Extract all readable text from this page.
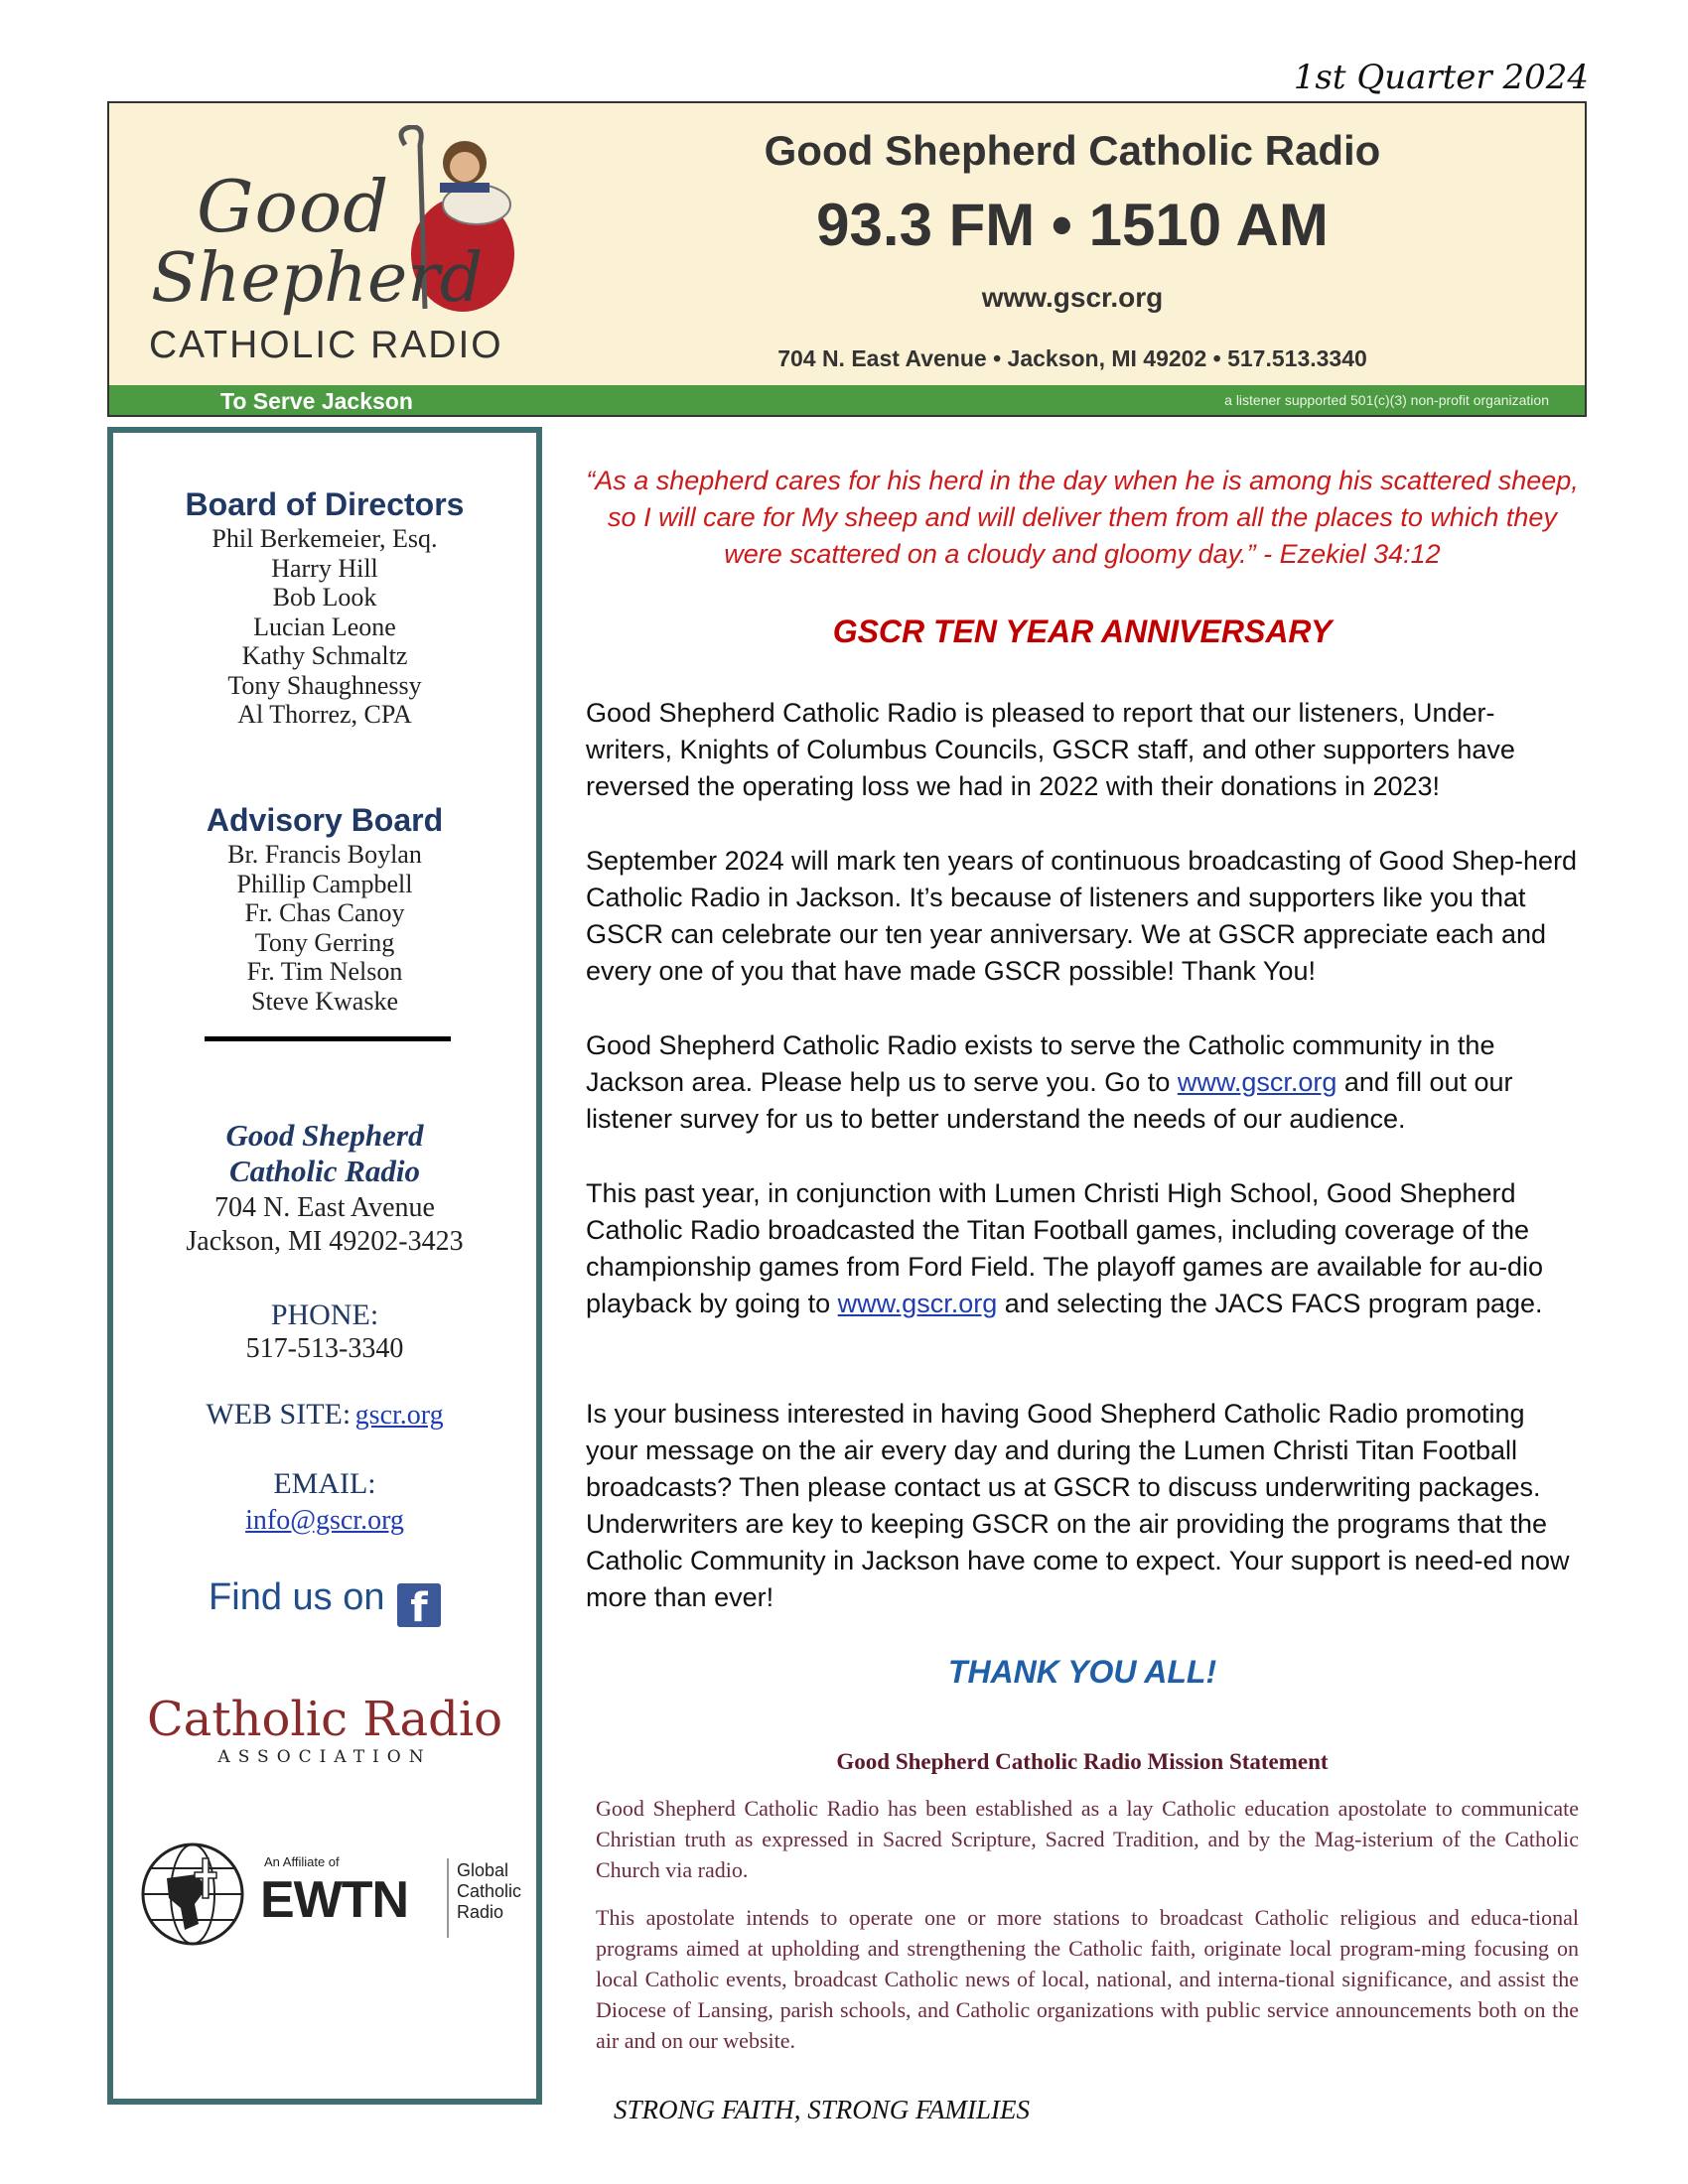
1st Quarter 2024
Good
Shepherd
CATHOLIC RADIO
Good Shepherd Catholic Radio
93.3 FM • 1510 AM
www.gscr.org
704 N. East Avenue • Jackson, MI 49202 • 517.513.3340
To Serve Jackson	a listener supported 501(c)(3) non-profit organization
Board of Directors
Phil Berkemeier, Esq.
Harry Hill
Bob Look
Lucian Leone
Kathy Schmaltz
Tony Shaughnessy
Al Thorrez, CPA
Advisory Board
Br. Francis Boylan
Phillip Campbell
Fr. Chas Canoy
Tony Gerring
Fr. Tim Nelson
Steve Kwaske
Good Shepherd
Catholic Radio
704 N. East Avenue
Jackson, MI 49202-3423
PHONE:
517-513-3340
WEB SITE: gscr.org
EMAIL:
info@gscr.org
Find us on f
Catholic Radio
ASSOCIATION
An Affiliate of
EWTN
Global
Catholic
Radio
“As a shepherd cares for his herd in the day when he is among his scattered sheep, so I will care for My sheep and will deliver them from all the places to which they were scattered on a cloudy and gloomy day.” - Ezekiel 34:12
GSCR TEN YEAR ANNIVERSARY
Good Shepherd Catholic Radio is pleased to report that our listeners, Under-writers, Knights of Columbus Councils, GSCR staff, and other supporters have reversed the operating loss we had in 2022 with their donations in 2023!
September 2024 will mark ten years of continuous broadcasting of Good Shep-herd Catholic Radio in Jackson. It’s because of listeners and supporters like you that GSCR can celebrate our ten year anniversary. We at GSCR appreciate each and every one of you that have made GSCR possible! Thank You!
Good Shepherd Catholic Radio exists to serve the Catholic community in the Jackson area. Please help us to serve you. Go to www.gscr.org and fill out our listener survey for us to better understand the needs of our audience.
This past year, in conjunction with Lumen Christi High School, Good Shepherd Catholic Radio broadcasted the Titan Football games, including coverage of the championship games from Ford Field. The playoff games are available for au-dio playback by going to www.gscr.org and selecting the JACS FACS program page.
Is your business interested in having Good Shepherd Catholic Radio promoting your message on the air every day and during the Lumen Christi Titan Football broadcasts? Then please contact us at GSCR to discuss underwriting packages. Underwriters are key to keeping GSCR on the air providing the programs that the Catholic Community in Jackson have come to expect. Your support is need-ed now more than ever!
THANK YOU ALL!
Good Shepherd Catholic Radio Mission Statement
Good Shepherd Catholic Radio has been established as a lay Catholic education apostolate to communicate Christian truth as expressed in Sacred Scripture, Sacred Tradition, and by the Mag-isterium of the Catholic Church via radio.
This apostolate intends to operate one or more stations to broadcast Catholic religious and educa-tional programs aimed at upholding and strengthening the Catholic faith, originate local program-ming focusing on local Catholic events, broadcast Catholic news of local, national, and interna-tional significance, and assist the Diocese of Lansing, parish schools, and Catholic organizations with public service announcements both on the air and on our website.
STRONG FAITH, STRONG FAMILIES
